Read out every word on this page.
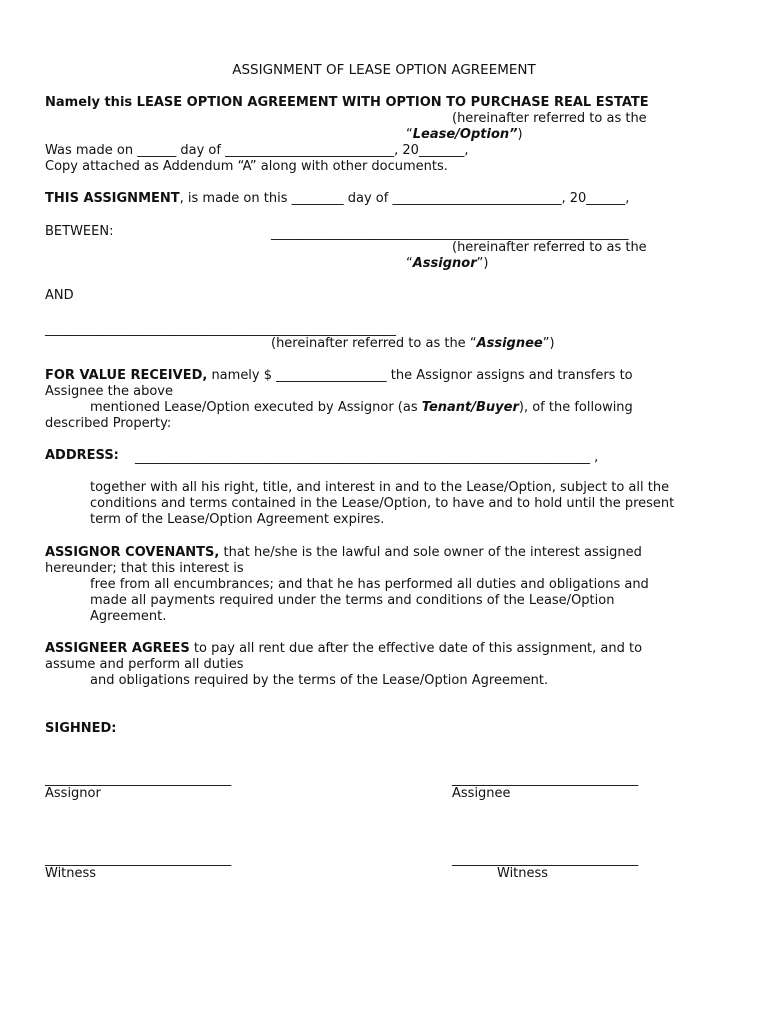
ASSIGNMENT OF LEASE OPTION AGREEMENT
Namely this LEASE OPTION AGREEMENT WITH OPTION TO PURCHASE REAL ESTATE
(hereinafter referred to as the
“Lease/Option”)
Was made on ______ day of __________________________, 20_______,
Copy attached as Addendum “A” along with other documents.
THIS ASSIGNMENT, is made on this ________ day of __________________________, 20______,
BETWEEN:	_______________________________________________________
(hereinafter referred to as the
“Assignor”)
AND
______________________________________________________
(hereinafter referred to as the “Assignee”)
FOR VALUE RECEIVED, namely $ _________________ the Assignor assigns and transfers to
Assignee the above
mentioned Lease/Option executed by Assignor (as Tenant/Buyer), of the following
described Property:
ADDRESS: ______________________________________________________________________ ,
together with all his right, title, and interest in and to the Lease/Option, subject to all the
conditions and terms contained in the Lease/Option, to have and to hold until the present
term of the Lease/Option Agreement expires.
ASSIGNOR COVENANTS, that he/she is the lawful and sole owner of the interest assigned
hereunder; that this interest is
free from all encumbrances; and that he has performed all duties and obligations and
made all payments required under the terms and conditions of the Lease/Option
Agreement.
ASSIGNEER AGREES to pay all rent due after the effective date of this assignment, and to
assume and perform all duties
and obligations required by the terms of the Lease/Option Agreement.
SIGHNED:
______________________________	______________________________
Assignor	Assignee
______________________________	______________________________
Witness	Witness
